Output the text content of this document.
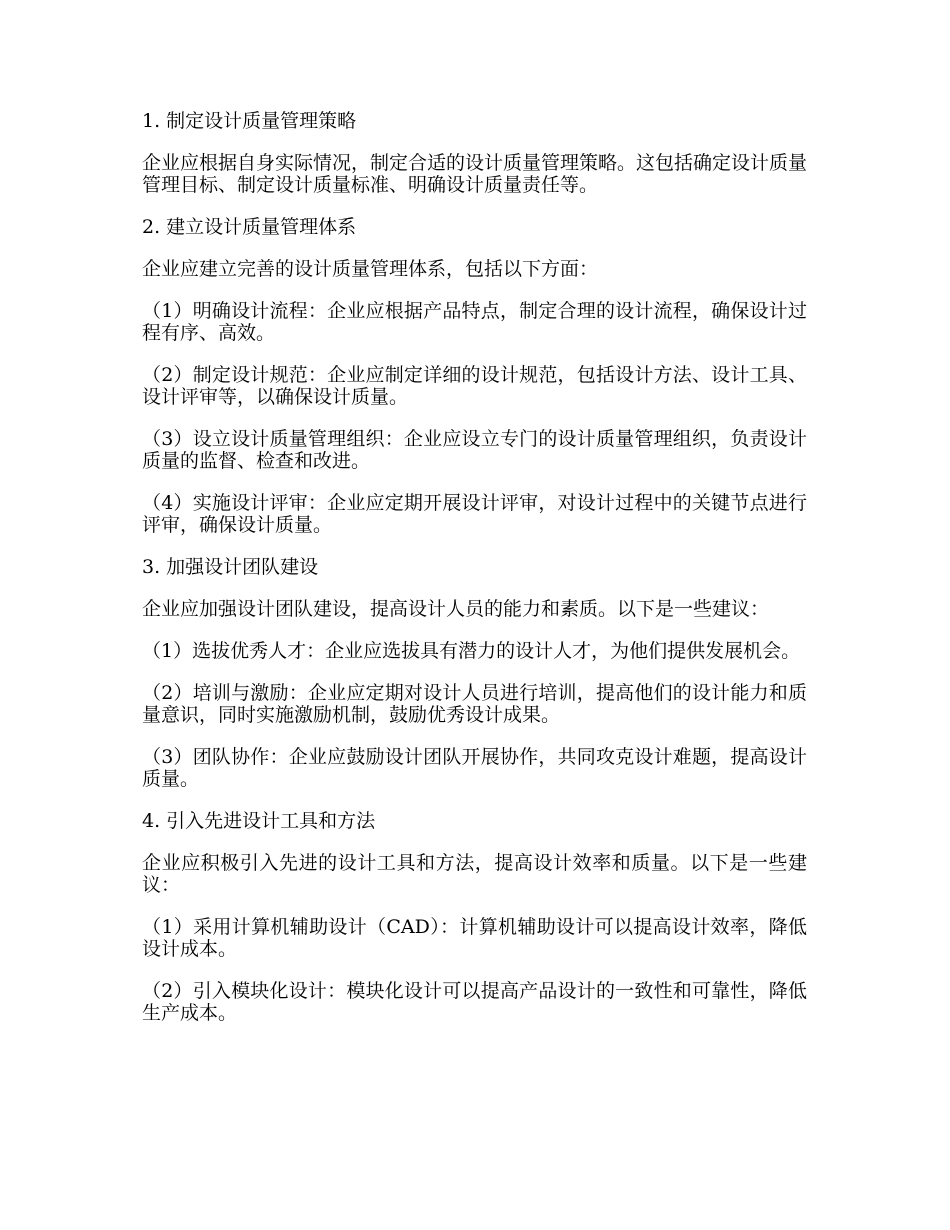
1. 制定设计质量管理策略

企业应根据自身实际情况，制定合适的设计质量管理策略。这包括确定设计质量管理目标、制定设计质量标准、明确设计质量责任等。

2. 建立设计质量管理体系

企业应建立完善的设计质量管理体系，包括以下方面：

（1）明确设计流程：企业应根据产品特点，制定合理的设计流程，确保设计过程有序、高效。

（2）制定设计规范：企业应制定详细的设计规范，包括设计方法、设计工具、设计评审等，以确保设计质量。

（3）设立设计质量管理组织：企业应设立专门的设计质量管理组织，负责设计质量的监督、检查和改进。

（4）实施设计评审：企业应定期开展设计评审，对设计过程中的关键节点进行评审，确保设计质量。

3. 加强设计团队建设

企业应加强设计团队建设，提高设计人员的能力和素质。以下是一些建议：

（1）选拔优秀人才：企业应选拔具有潜力的设计人才，为他们提供发展机会。

（2）培训与激励：企业应定期对设计人员进行培训，提高他们的设计能力和质量意识，同时实施激励机制，鼓励优秀设计成果。

（3）团队协作：企业应鼓励设计团队开展协作，共同攻克设计难题，提高设计质量。

4. 引入先进设计工具和方法

企业应积极引入先进的设计工具和方法，提高设计效率和质量。以下是一些建议：

（1）采用计算机辅助设计（CAD）：计算机辅助设计可以提高设计效率，降低设计成本。

（2）引入模块化设计：模块化设计可以提高产品设计的一致性和可靠性，降低生产成本。
